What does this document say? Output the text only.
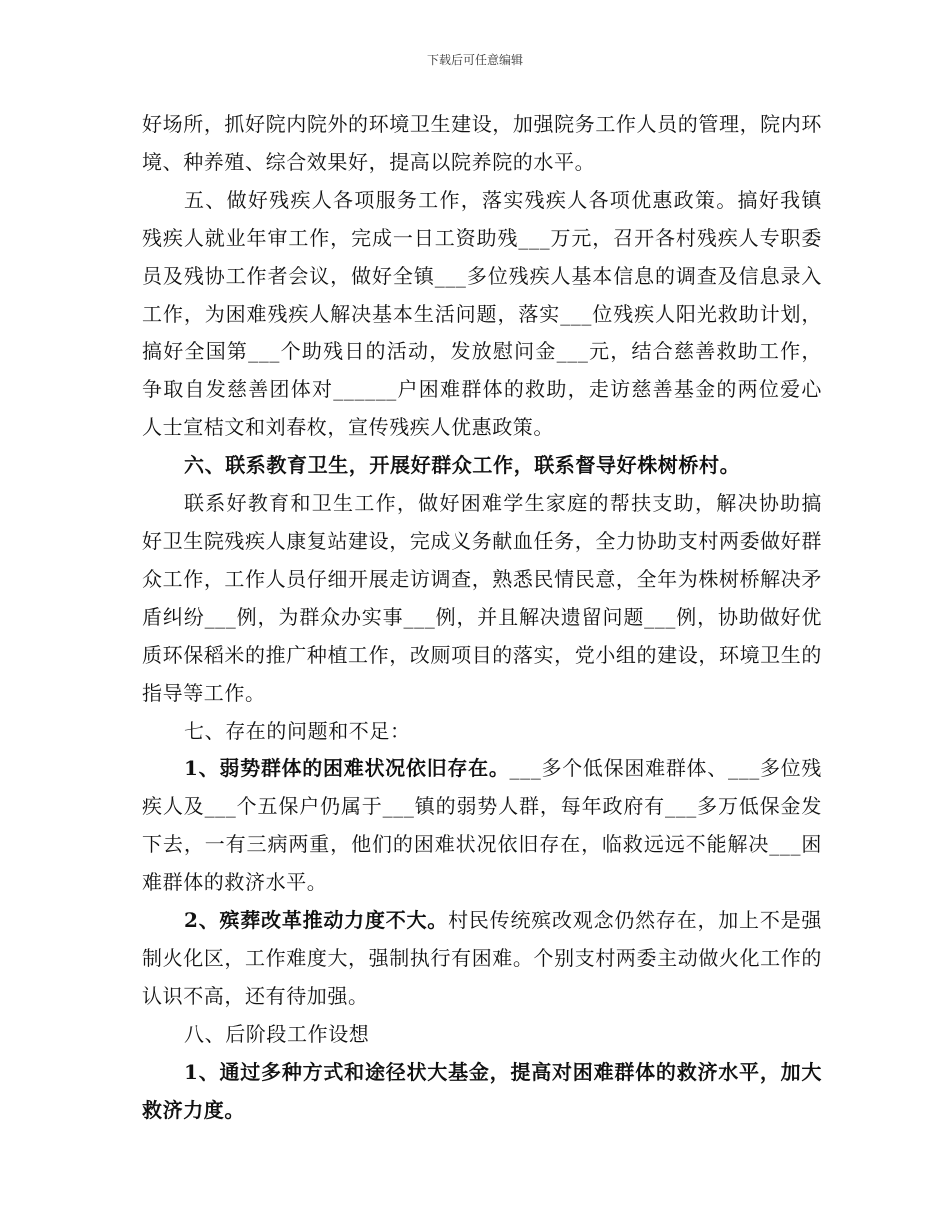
下载后可任意编辑

好场所，抓好院内院外的环境卫生建设，加强院务工作人员的管理，院内环境、种养殖、综合效果好，提高以院养院的水平。

五、做好残疾人各项服务工作，落实残疾人各项优惠政策。搞好我镇残疾人就业年审工作，完成一日工资助残___万元，召开各村残疾人专职委员及残协工作者会议，做好全镇___多位残疾人基本信息的调查及信息录入工作，为困难残疾人解决基本生活问题，落实___位残疾人阳光救助计划，搞好全国第___个助残日的活动，发放慰问金___元，结合慈善救助工作，争取自发慈善团体对______户困难群体的救助，走访慈善基金的两位爱心人士宣桔文和刘春枚，宣传残疾人优惠政策。

六、联系教育卫生，开展好群众工作，联系督导好株树桥村。

联系好教育和卫生工作，做好困难学生家庭的帮扶支助，解决协助搞好卫生院残疾人康复站建设，完成义务献血任务，全力协助支村两委做好群众工作，工作人员仔细开展走访调查，熟悉民情民意，全年为株树桥解决矛盾纠纷___例，为群众办实事___例，并且解决遗留问题___例，协助做好优质环保稻米的推广种植工作，改厕项目的落实，党小组的建设，环境卫生的指导等工作。

七、存在的问题和不足：

1、弱势群体的困难状况依旧存在。___多个低保困难群体、___多位残疾人及___个五保户仍属于___镇的弱势人群，每年政府有___多万低保金发下去，一有三病两重，他们的困难状况依旧存在，临救远远不能解决___困难群体的救济水平。

2、殡葬改革推动力度不大。村民传统殡改观念仍然存在，加上不是强制火化区，工作难度大，强制执行有困难。个别支村两委主动做火化工作的认识不高，还有待加强。

八、后阶段工作设想

1、通过多种方式和途径状大基金，提高对困难群体的救济水平，加大救济力度。
